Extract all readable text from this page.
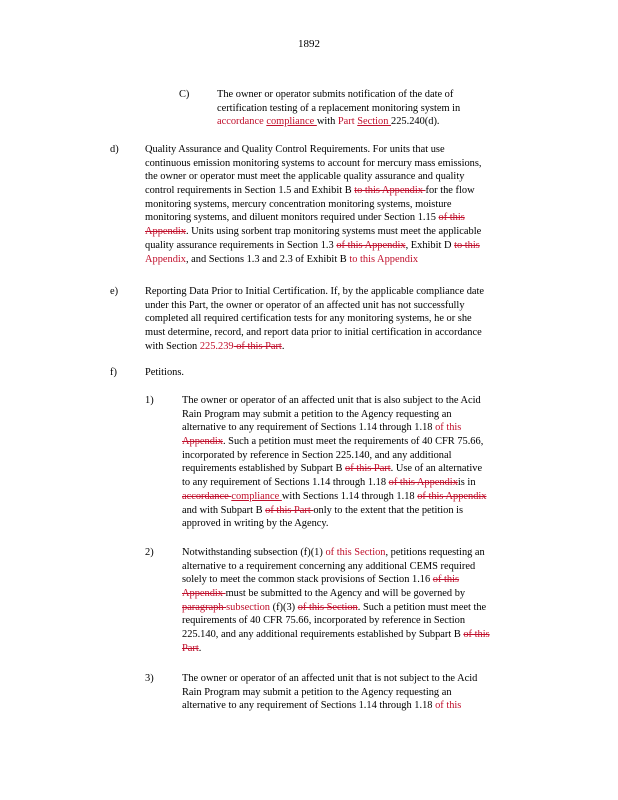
1892
C)	The owner or operator submits notification of the date of
certification testing of a replacement monitoring system in
accordance compliance with Part Section 225.240(d).
d)	Quality Assurance and Quality Control Requirements. For units that use
continuous emission monitoring systems to account for mercury mass emissions,
the owner or operator must meet the applicable quality assurance and quality
control requirements in Section 1.5 and Exhibit B to this Appendix for the flow
monitoring systems, mercury concentration monitoring systems, moisture
monitoring systems, and diluent monitors required under Section 1.15 of this
Appendix. Units using sorbent trap monitoring systems must meet the applicable
quality assurance requirements in Section 1.3 of this Appendix, Exhibit D to this
Appendix, and Sections 1.3 and 2.3 of Exhibit B to this Appendix
e)	Reporting Data Prior to Initial Certification. If, by the applicable compliance date
under this Part, the owner or operator of an affected unit has not successfully
completed all required certification tests for any monitoring systems, he or she
must determine, record, and report data prior to initial certification in accordance
with Section 225.239 of this Part.
f)	Petitions.
1)	The owner or operator of an affected unit that is also subject to the Acid
Rain Program may submit a petition to the Agency requesting an
alternative to any requirement of Sections 1.14 through 1.18 of this
Appendix. Such a petition must meet the requirements of 40 CFR 75.66,
incorporated by reference in Section 225.140, and any additional
requirements established by Subpart B of this Part. Use of an alternative
to any requirement of Sections 1.14 through 1.18 of this Appendixis in
accordance compliance with Sections 1.14 through 1.18 of this Appendix
and with Subpart B of this Part only to the extent that the petition is
approved in writing by the Agency.
2)	Notwithstanding subsection (f)(1) of this Section, petitions requesting an
alternative to a requirement concerning any additional CEMS required
solely to meet the common stack provisions of Section 1.16 of this
Appendix must be submitted to the Agency and will be governed by
paragraph subsection (f)(3) of this Section. Such a petition must meet the
requirements of 40 CFR 75.66, incorporated by reference in Section
225.140, and any additional requirements established by Subpart B of this
Part.
3)	The owner or operator of an affected unit that is not subject to the Acid
Rain Program may submit a petition to the Agency requesting an
alternative to any requirement of Sections 1.14 through 1.18 of this
